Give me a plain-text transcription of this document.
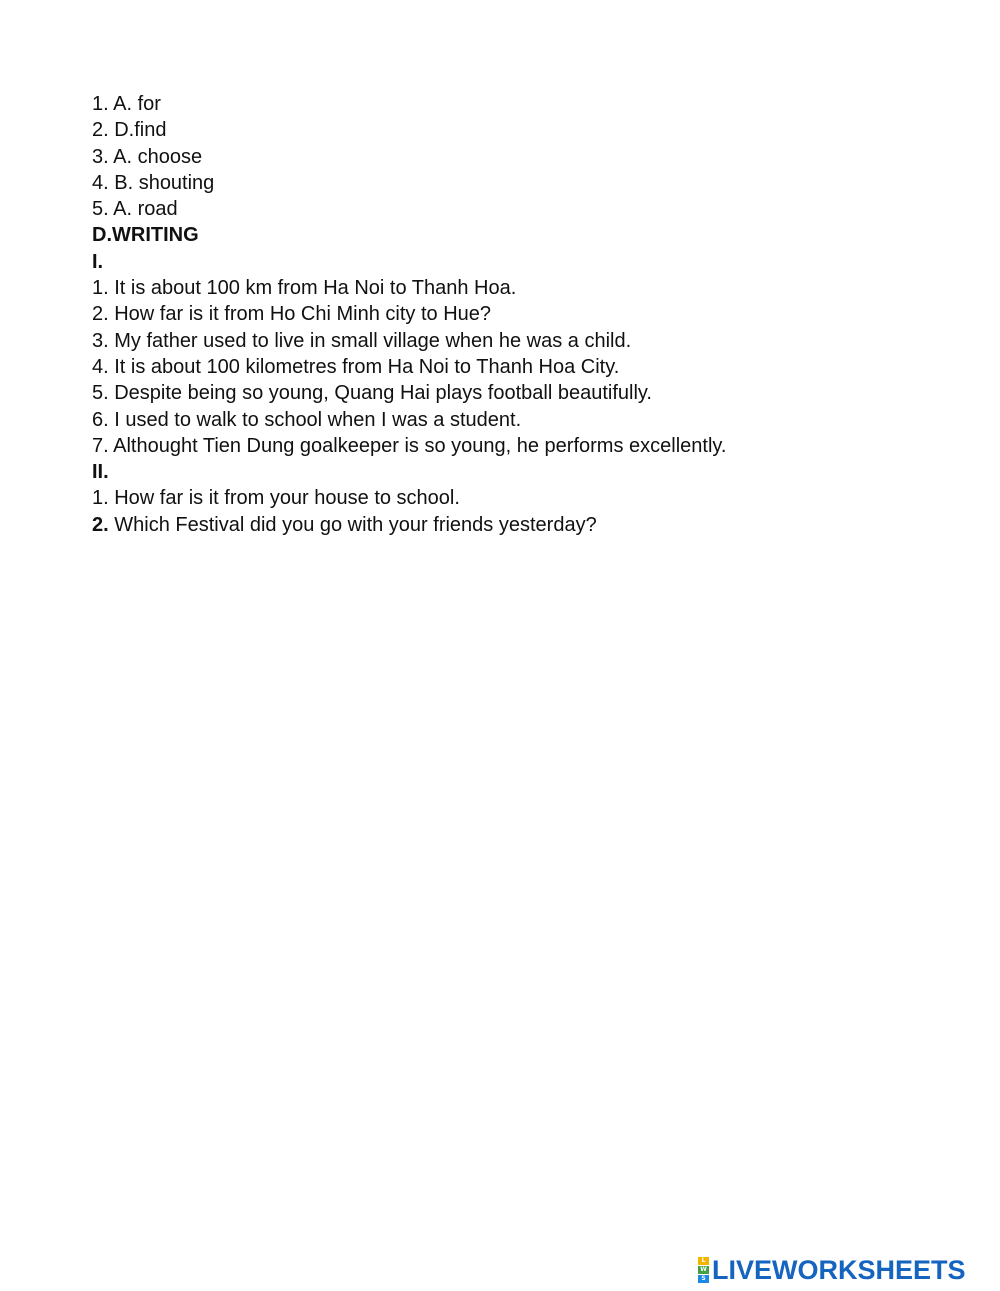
1. A. for

2. D.find

3. A. choose

4. B. shouting

5. A. road

D.WRITING

I.

1. It is about 100 km from Ha Noi to Thanh Hoa.

2. How far is it from Ho Chi Minh city to Hue?

3. My father used to live in small village when he was a child.

4. It is about 100 kilometres from Ha Noi to Thanh Hoa City.

5. Despite being so young, Quang Hai plays football beautifully.

6. I used to walk to school when I was a student.

7. Althought Tien Dung goalkeeper is so young, he performs excellently.

II.

1. How far is it from your house to school.

2. Which Festival did you go with your friends yesterday?

L
W
S LIVEWORKSHEETS
